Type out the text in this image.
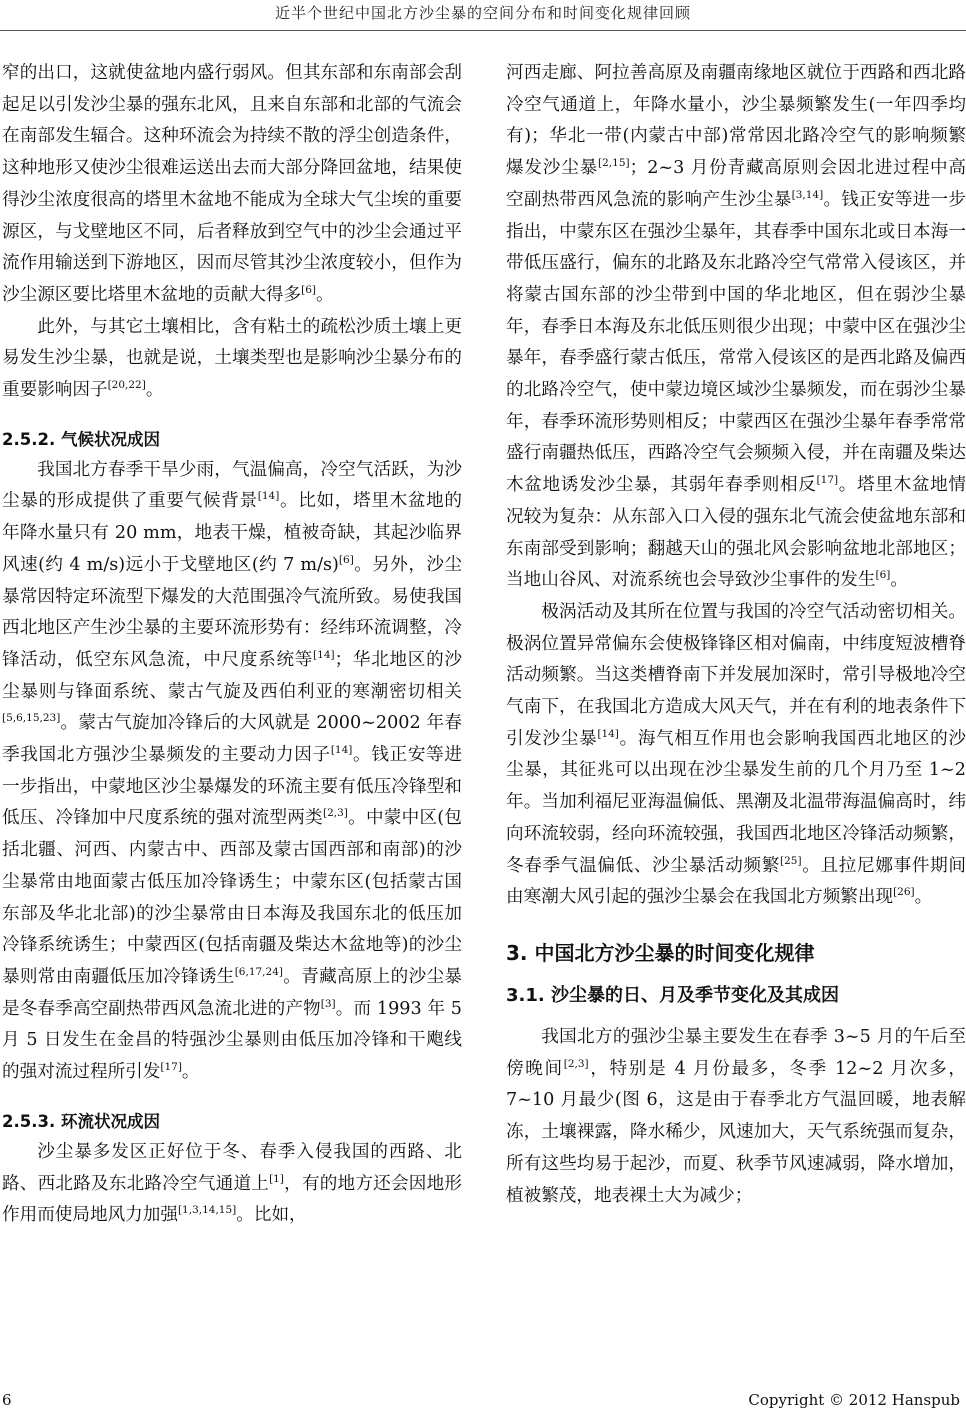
近半个世纪中国北方沙尘暴的空间分布和时间变化规律回顾

窄的出口，这就使盆地内盛行弱风。但其东部和东南部会刮起足以引发沙尘暴的强东北风，且来自东部和北部的气流会在南部发生辐合。这种环流会为持续不散的浮尘创造条件，这种地形又使沙尘很难运送出去而大部分降回盆地，结果使得沙尘浓度很高的塔里木盆地不能成为全球大气尘埃的重要源区，与戈壁地区不同，后者释放到空气中的沙尘会通过平流作用输送到下游地区，因而尽管其沙尘浓度较小，但作为沙尘源区要比塔里木盆地的贡献大得多[6]。

此外，与其它土壤相比，含有粘土的疏松沙质土壤上更易发生沙尘暴，也就是说，土壤类型也是影响沙尘暴分布的重要影响因子[20,22]。

2.5.2. 气候状况成因

我国北方春季干旱少雨，气温偏高，冷空气活跃，为沙尘暴的形成提供了重要气候背景[14]。比如，塔里木盆地的年降水量只有 20 mm，地表干燥，植被奇缺，其起沙临界风速(约 4 m/s)远小于戈壁地区(约 7 m/s)[6]。另外，沙尘暴常因特定环流型下爆发的大范围强冷气流所致。易使我国西北地区产生沙尘暴的主要环流形势有：经纬环流调整，冷锋活动，低空东风急流，中尺度系统等[14]；华北地区的沙尘暴则与锋面系统、蒙古气旋及西伯利亚的寒潮密切相关[5,6,15,23]。蒙古气旋加冷锋后的大风就是 2000~2002 年春季我国北方强沙尘暴频发的主要动力因子[14]。钱正安等进一步指出，中蒙地区沙尘暴爆发的环流主要有低压冷锋型和低压、冷锋加中尺度系统的强对流型两类[2,3]。中蒙中区(包括北疆、河西、内蒙古中、西部及蒙古国西部和南部)的沙尘暴常由地面蒙古低压加冷锋诱生；中蒙东区(包括蒙古国东部及华北北部)的沙尘暴常由日本海及我国东北的低压加冷锋系统诱生；中蒙西区(包括南疆及柴达木盆地等)的沙尘暴则常由南疆低压加冷锋诱生[6,17,24]。青藏高原上的沙尘暴是冬春季高空副热带西风急流北进的产物[3]。而 1993 年 5 月 5 日发生在金昌的特强沙尘暴则由低压加冷锋和干飑线的强对流过程所引发[17]。

2.5.3. 环流状况成因

沙尘暴多发区正好位于冬、春季入侵我国的西路、北路、西北路及东北路冷空气通道上[1]，有的地方还会因地形作用而使局地风力加强[1,3,14,15]。比如，

河西走廊、阿拉善高原及南疆南缘地区就位于西路和西北路冷空气通道上，年降水量小，沙尘暴频繁发生(一年四季均有)；华北一带(内蒙古中部)常常因北路冷空气的影响频繁爆发沙尘暴[2,15]；2~3 月份青藏高原则会因北进过程中高空副热带西风急流的影响产生沙尘暴[3,14]。钱正安等进一步指出，中蒙东区在强沙尘暴年，其春季中国东北或日本海一带低压盛行，偏东的北路及东北路冷空气常常入侵该区，并将蒙古国东部的沙尘带到中国的华北地区，但在弱沙尘暴年，春季日本海及东北低压则很少出现；中蒙中区在强沙尘暴年，春季盛行蒙古低压，常常入侵该区的是西北路及偏西的北路冷空气，使中蒙边境区域沙尘暴频发，而在弱沙尘暴年，春季环流形势则相反；中蒙西区在强沙尘暴年春季常常盛行南疆热低压，西路冷空气会频频入侵，并在南疆及柴达木盆地诱发沙尘暴，其弱年春季则相反[17]。塔里木盆地情况较为复杂：从东部入口入侵的强东北气流会使盆地东部和东南部受到影响；翻越天山的强北风会影响盆地北部地区；当地山谷风、对流系统也会导致沙尘事件的发生[6]。

极涡活动及其所在位置与我国的冷空气活动密切相关。极涡位置异常偏东会使极锋锋区相对偏南，中纬度短波槽脊活动频繁。当这类槽脊南下并发展加深时，常引导极地冷空气南下，在我国北方造成大风天气，并在有利的地表条件下引发沙尘暴[14]。海气相互作用也会影响我国西北地区的沙尘暴，其征兆可以出现在沙尘暴发生前的几个月乃至 1~2 年。当加利福尼亚海温偏低、黑潮及北温带海温偏高时，纬向环流较弱，经向环流较强，我国西北地区冷锋活动频繁，冬春季气温偏低、沙尘暴活动频繁[25]。且拉尼娜事件期间由寒潮大风引起的强沙尘暴会在我国北方频繁出现[26]。

3. 中国北方沙尘暴的时间变化规律
3.1. 沙尘暴的日、月及季节变化及其成因

我国北方的强沙尘暴主要发生在春季 3~5 月的午后至傍晚间[2,3]，特别是 4 月份最多，冬季 12~2 月次多，7~10 月最少(图 6，这是由于春季北方气温回暖，地表解冻，土壤裸露，降水稀少，风速加大，天气系统强而复杂，所有这些均易于起沙，而夏、秋季节风速减弱，降水增加，植被繁茂，地表裸土大为减少；

6	Copyright © 2012 Hanspub
